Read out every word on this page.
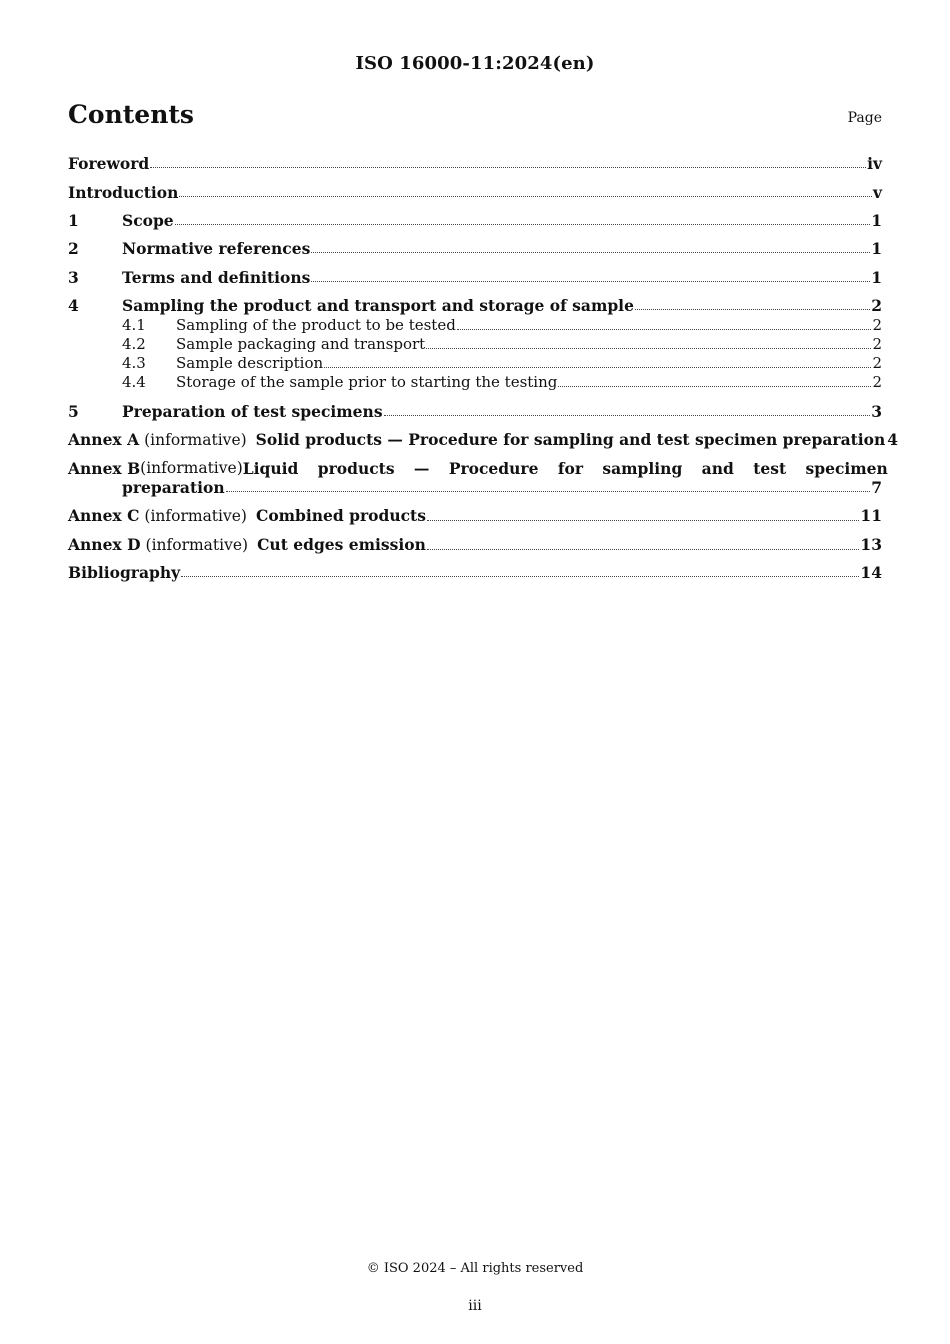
ISO 16000-11:2024(en)
Contents	Page
Foreword	iv
Introduction	v
1	Scope	1
2	Normative references	1
3	Terms and definitions	1
4	Sampling the product and transport and storage of sample	2
4.1	Sampling of the product to be tested	2
4.2	Sample packaging and transport	2
4.3	Sample description	2
4.4	Storage of the sample prior to starting the testing	2
5	Preparation of test specimens	3
Annex A (informative) Solid products — Procedure for sampling and test specimen preparation 4
Annex B (informative) Liquid products — Procedure for sampling and test specimen
preparation	7
Annex C (informative) Combined products	11
Annex D (informative) Cut edges emission	13
Bibliography	14
© ISO 2024 – All rights reserved
iii
